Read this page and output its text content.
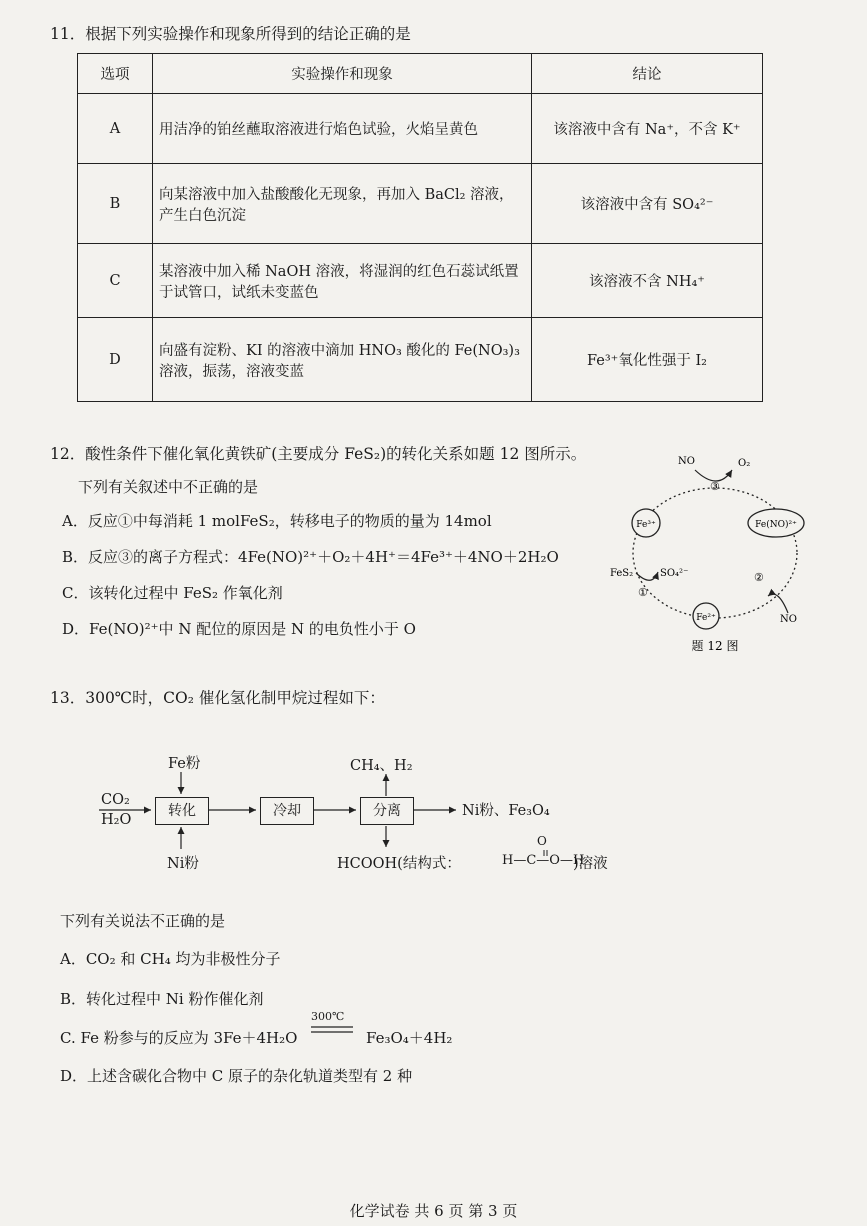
11．根据下列实验操作和现象所得到的结论正确的是
选项	实验操作和现象	结论
A	用洁净的铂丝蘸取溶液进行焰色试验，火焰呈黄色	该溶液中含有 Na⁺，不含 K⁺
B	向某溶液中加入盐酸酸化无现象，再加入 BaCl₂ 溶液，产生白色沉淀	该溶液中含有 SO₄²⁻
C	某溶液中加入稀 NaOH 溶液，将湿润的红色石蕊试纸置于试管口，试纸未变蓝色	该溶液不含 NH₄⁺
D	向盛有淀粉、KI 的溶液中滴加 HNO₃ 酸化的 Fe(NO₃)₃ 溶液，振荡，溶液变蓝	Fe³⁺氧化性强于 I₂
12．酸性条件下催化氧化黄铁矿(主要成分 FeS₂)的转化关系如题 12 图所示。
下列有关叙述中不正确的是
A．反应①中每消耗 1 molFeS₂，转移电子的物质的量为 14mol
B．反应③的离子方程式：4Fe(NO)²⁺＋O₂＋4H⁺＝4Fe³⁺＋4NO＋2H₂O
C．该转化过程中 FeS₂ 作氧化剂
D．Fe(NO)²⁺中 N 配位的原因是 N 的电负性小于 O
Fe³⁺	Fe(NO)²⁺
Fe²⁺
NO	O₂
③
FeS₂	SO₄²⁻
①
NO
②
题 12 图
13．300℃时，CO₂ 催化氢化制甲烷过程如下：
Fe粉
CO₂
H₂O
转化	冷却	分离
Ni粉
CH₄、H₂
Ni粉、Fe₃O₄
HCOOH(结构式：	H—C—O—H
O
)溶液
下列有关说法不正确的是
A．CO₂ 和 CH₄ 均为非极性分子
B．转化过程中 Ni 粉作催化剂
C. Fe 粉参与的反应为 3Fe＋4H₂O
300℃
Fe₃O₄＋4H₂
D．上述含碳化合物中 C 原子的杂化轨道类型有 2 种
化学试卷 共 6 页 第 3 页
